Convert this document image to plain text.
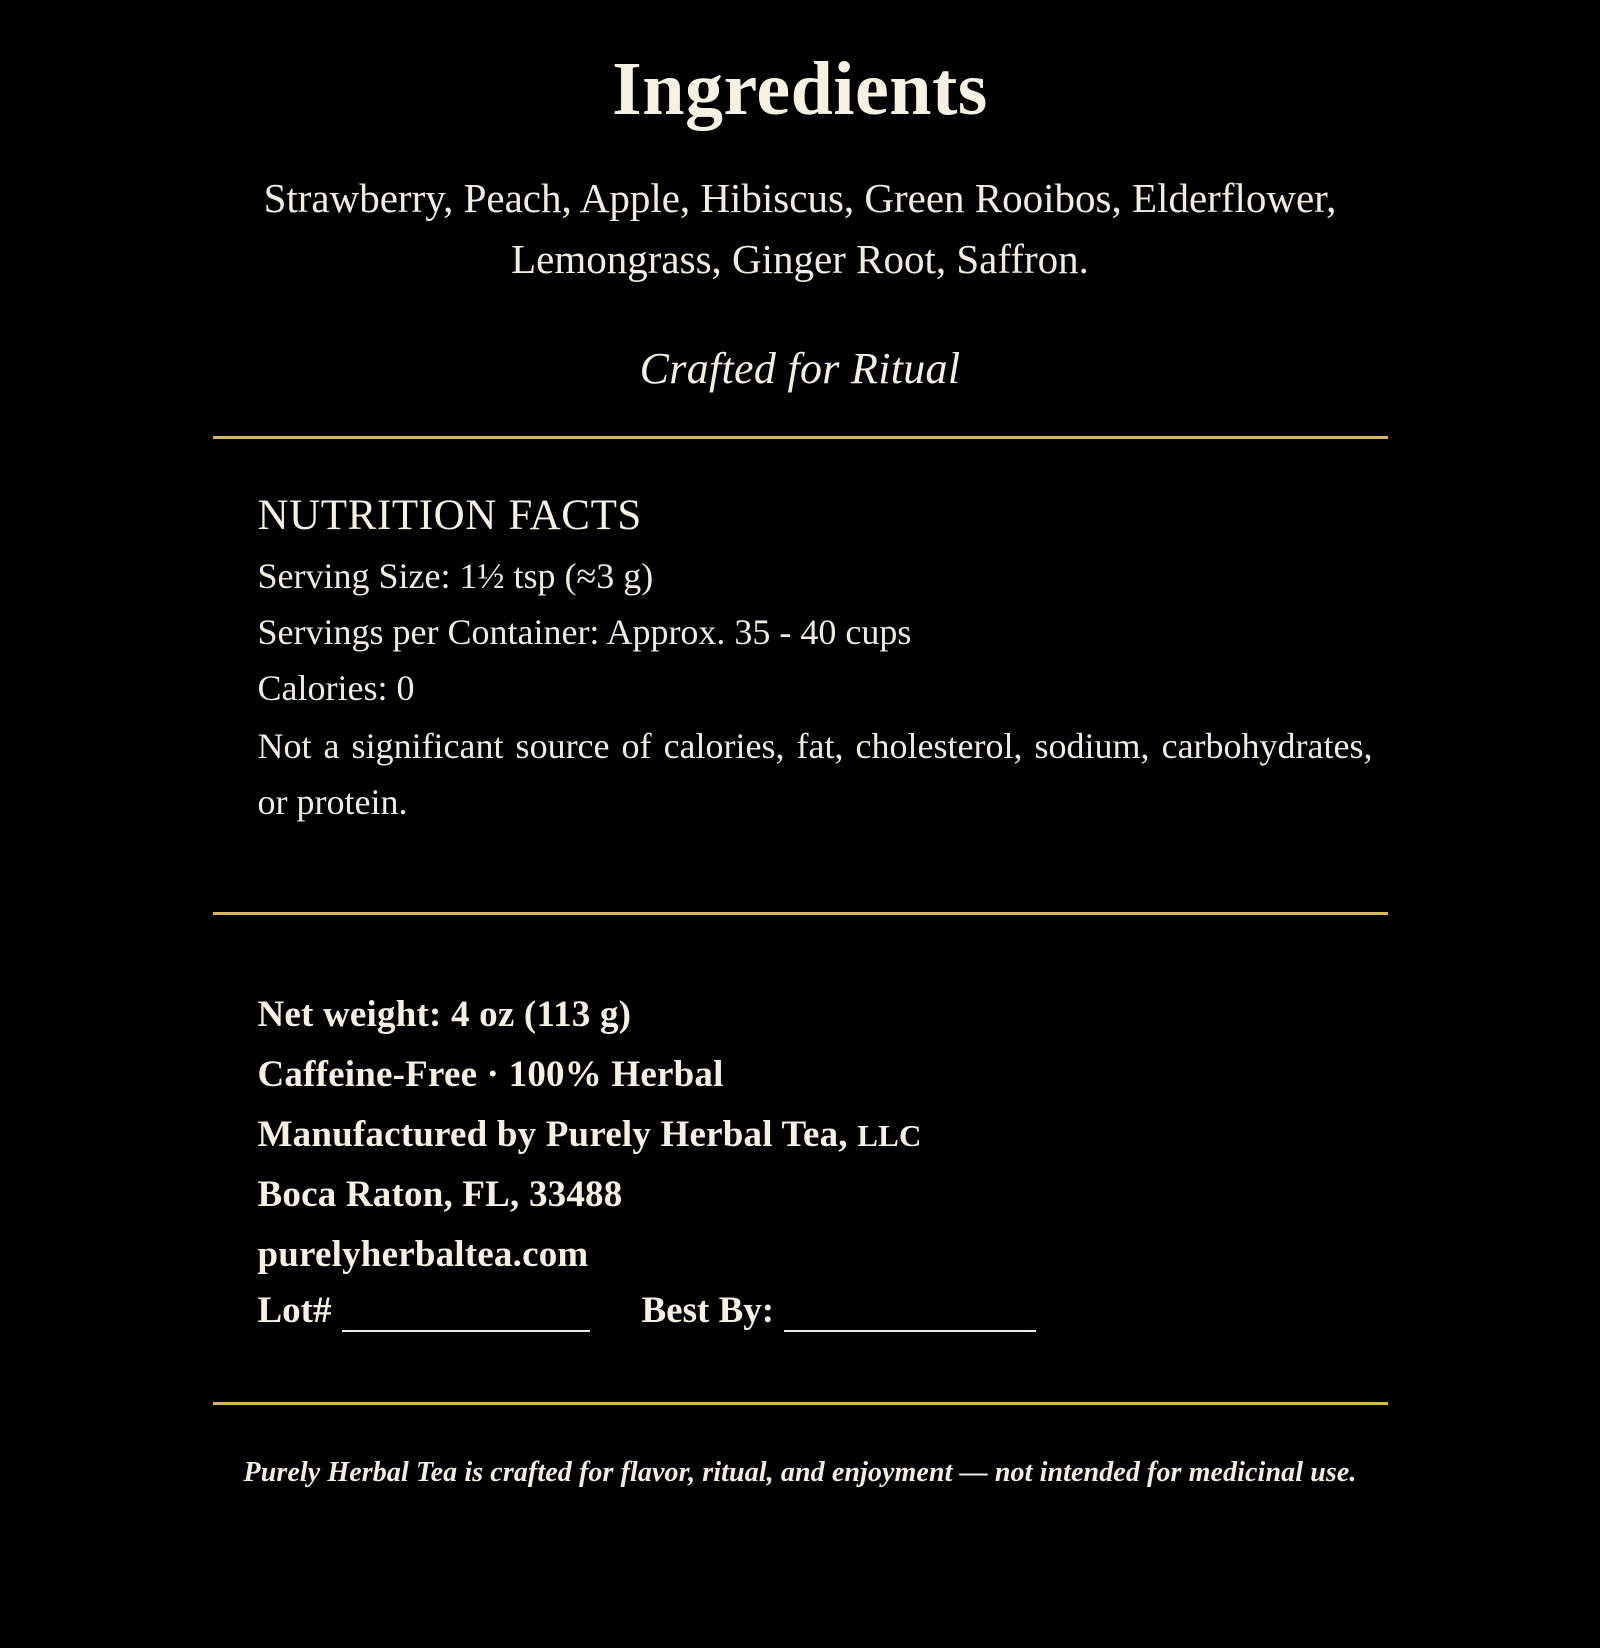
Ingredients

Strawberry, Peach, Apple, Hibiscus, Green Rooibos, Elderflower, Lemongrass, Ginger Root, Saffron.

Crafted for Ritual

NUTRITION FACTS
Serving Size: 1½ tsp (≈3 g)
Servings per Container: Approx. 35 - 40 cups
Calories: 0
Not a significant source of calories, fat, cholesterol, sodium, carbohydrates, or protein.
Net weight: 4 oz (113 g)
Caffeine-Free · 100% Herbal
Manufactured by Purely Herbal Tea, LLC
Boca Raton, FL, 33488
purelyherbaltea.com
Lot#	Best By:
Purely Herbal Tea is crafted for flavor, ritual, and enjoyment — not intended for medicinal use.
